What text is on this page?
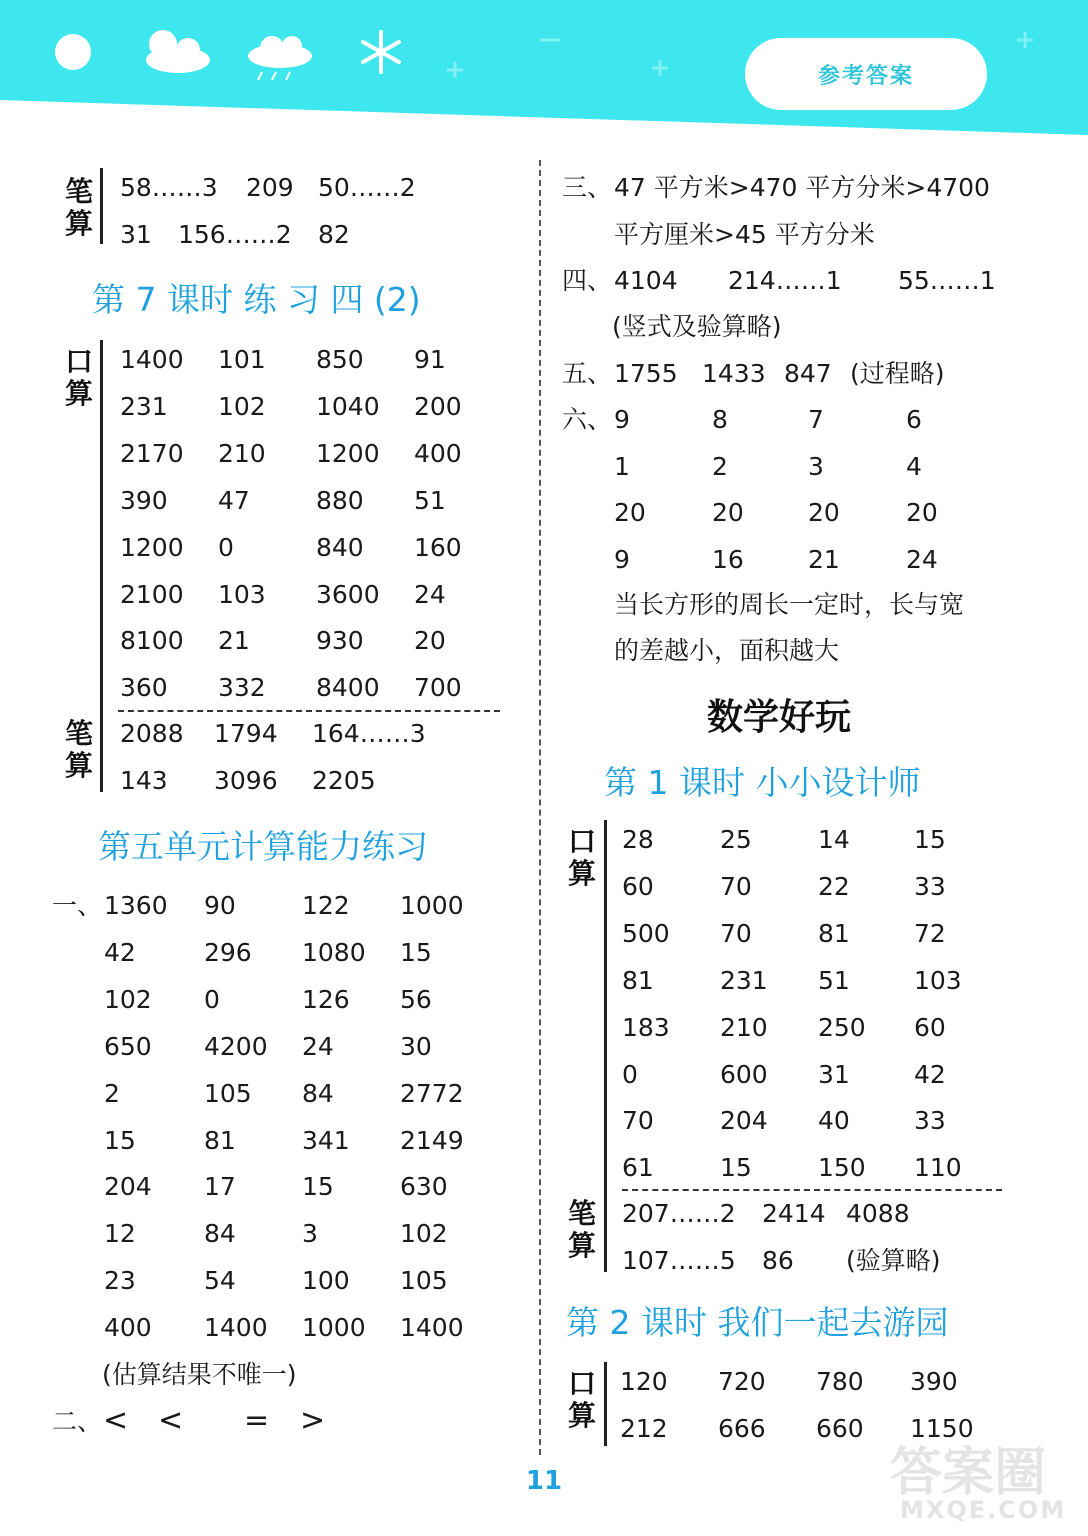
参考答案
笔算
58……3 209 50……2
31 156……2 82
第 7 课时 练 习 四 (2)
口算
1400 101 850 91
231 102 1040 200
2170 210 1200 400
390 47	880 51
1200 0	840 160
2100 103 3600 24
8100 21	930 20
360 332 8400 700
笔算
2088 1794 164……3
143 3096 2205
第五单元计算能力练习
一、 1360 90	122 1000
42	296 1080 15
102 0	126 56
650 4200 24	30
2	105 84	2772
15	81	341 2149
204 17	15	630
12	84	3	102
23	54	100 105
400 1400 1000 1400
(估算结果不唯一)
二、 < < = >
三、 47 平方米>470 平方分米>4700
平方厘米>45 平方分米
四、 4104 214……1 55……1
(竖式及验算略)
五、 1755 1433 847 (过程略)
六、 9	8	7	6
1	2	3	4
20	20	20	20
9	16	21	24
当长方形的周长一定时，长与宽
的差越小，面积越大
数学好玩
第 1 课时 小小设计师
口算
28	25	14	15
60	70	22	33
500 70	81	72
81	231 51	103
183 210 250 60
0	600 31	42
70	204 40	33
61	15	150 110
笔算
207……2 2414 4088
107……5 86 (验算略)
第 2 课时 我们一起去游园
口算
120 720 780 390
212 666 660 1150
11	答案圈
MXQE.COM
